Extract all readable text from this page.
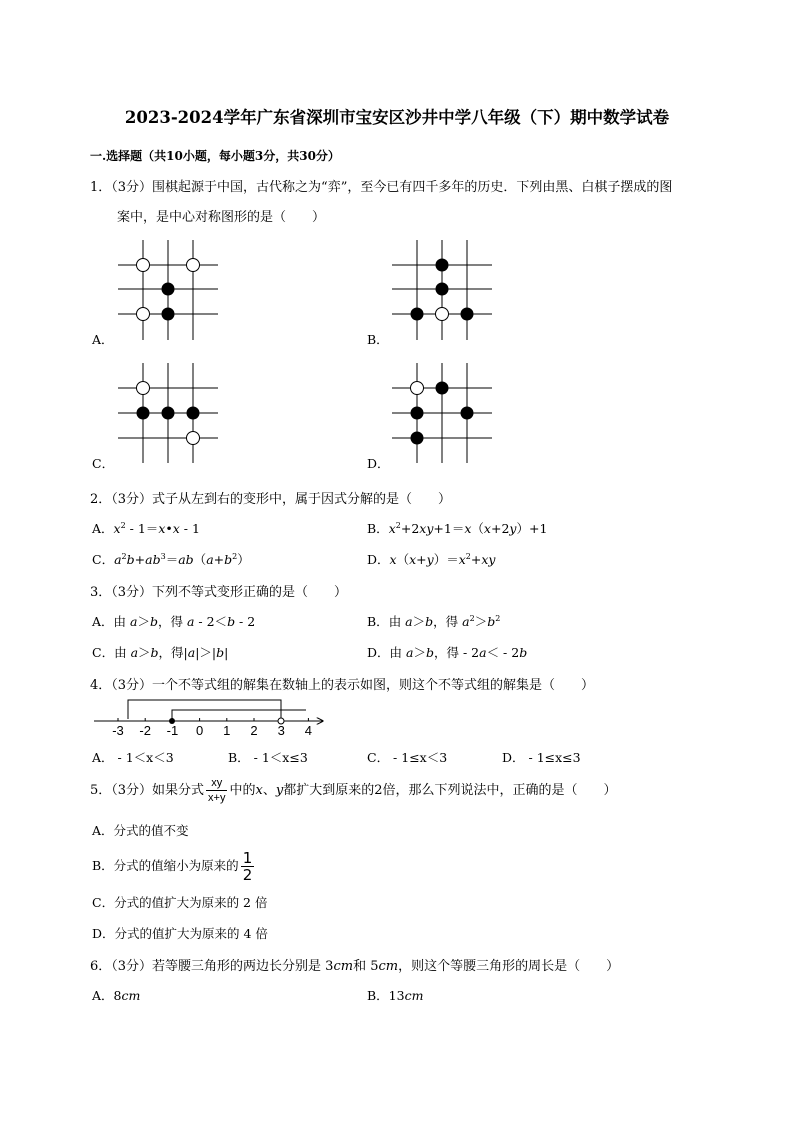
2023-2024学年广东省深圳市宝安区沙井中学八年级（下）期中数学试卷
一.选择题（共10小题，每小题3分，共30分）
1．（3分）围棋起源于中国，古代称之为“弈”，至今已有四千多年的历史．下列由黑、白棋子摆成的图
案中，是中心对称图形的是（　　）
A．	B．
C．	D．
2．（3分）式子从左到右的变形中，属于因式分解的是（　　）
A．$x^2$ - 1＝x•x - 1	B．$x^2+2xy+1=x(x+2y)+1$
C．$a^2b+ab^3=ab(a+b^2)$	D．$x(x+y)=x^2+xy$
3．（3分）下列不等式变形正确的是（　　）
A．由 a＞b，得 a - 2＜b - 2	B．由 a＞b，得 $a^2>b^2$
C．由 a＞b，得|a|＞|b|	D．由 a＞b，得 - 2a＜ - 2b
4．（3分）一个不等式组的解集在数轴上的表示如图，则这个不等式组的解集是（　　）
-3	-2	-1	0	1	2	3	4
A． - 1＜x＜3	B． - 1＜x≤3	C． - 1≤x＜3	D． - 1≤x≤3
5．（3分）如果分式 $\frac{xy}{x+y}$ 中的x、y都扩大到原来的2倍，那么下列说法中，正确的是（　　）
A．分式的值不变
B．分式的值缩小为原来的 $\frac{1}{2}$
C．分式的值扩大为原来的 2 倍
D．分式的值扩大为原来的 4 倍
6．（3分）若等腰三角形的两边长分别是 3cm和 5cm，则这个等腰三角形的周长是（　　）
A．8cm	B．13cm
